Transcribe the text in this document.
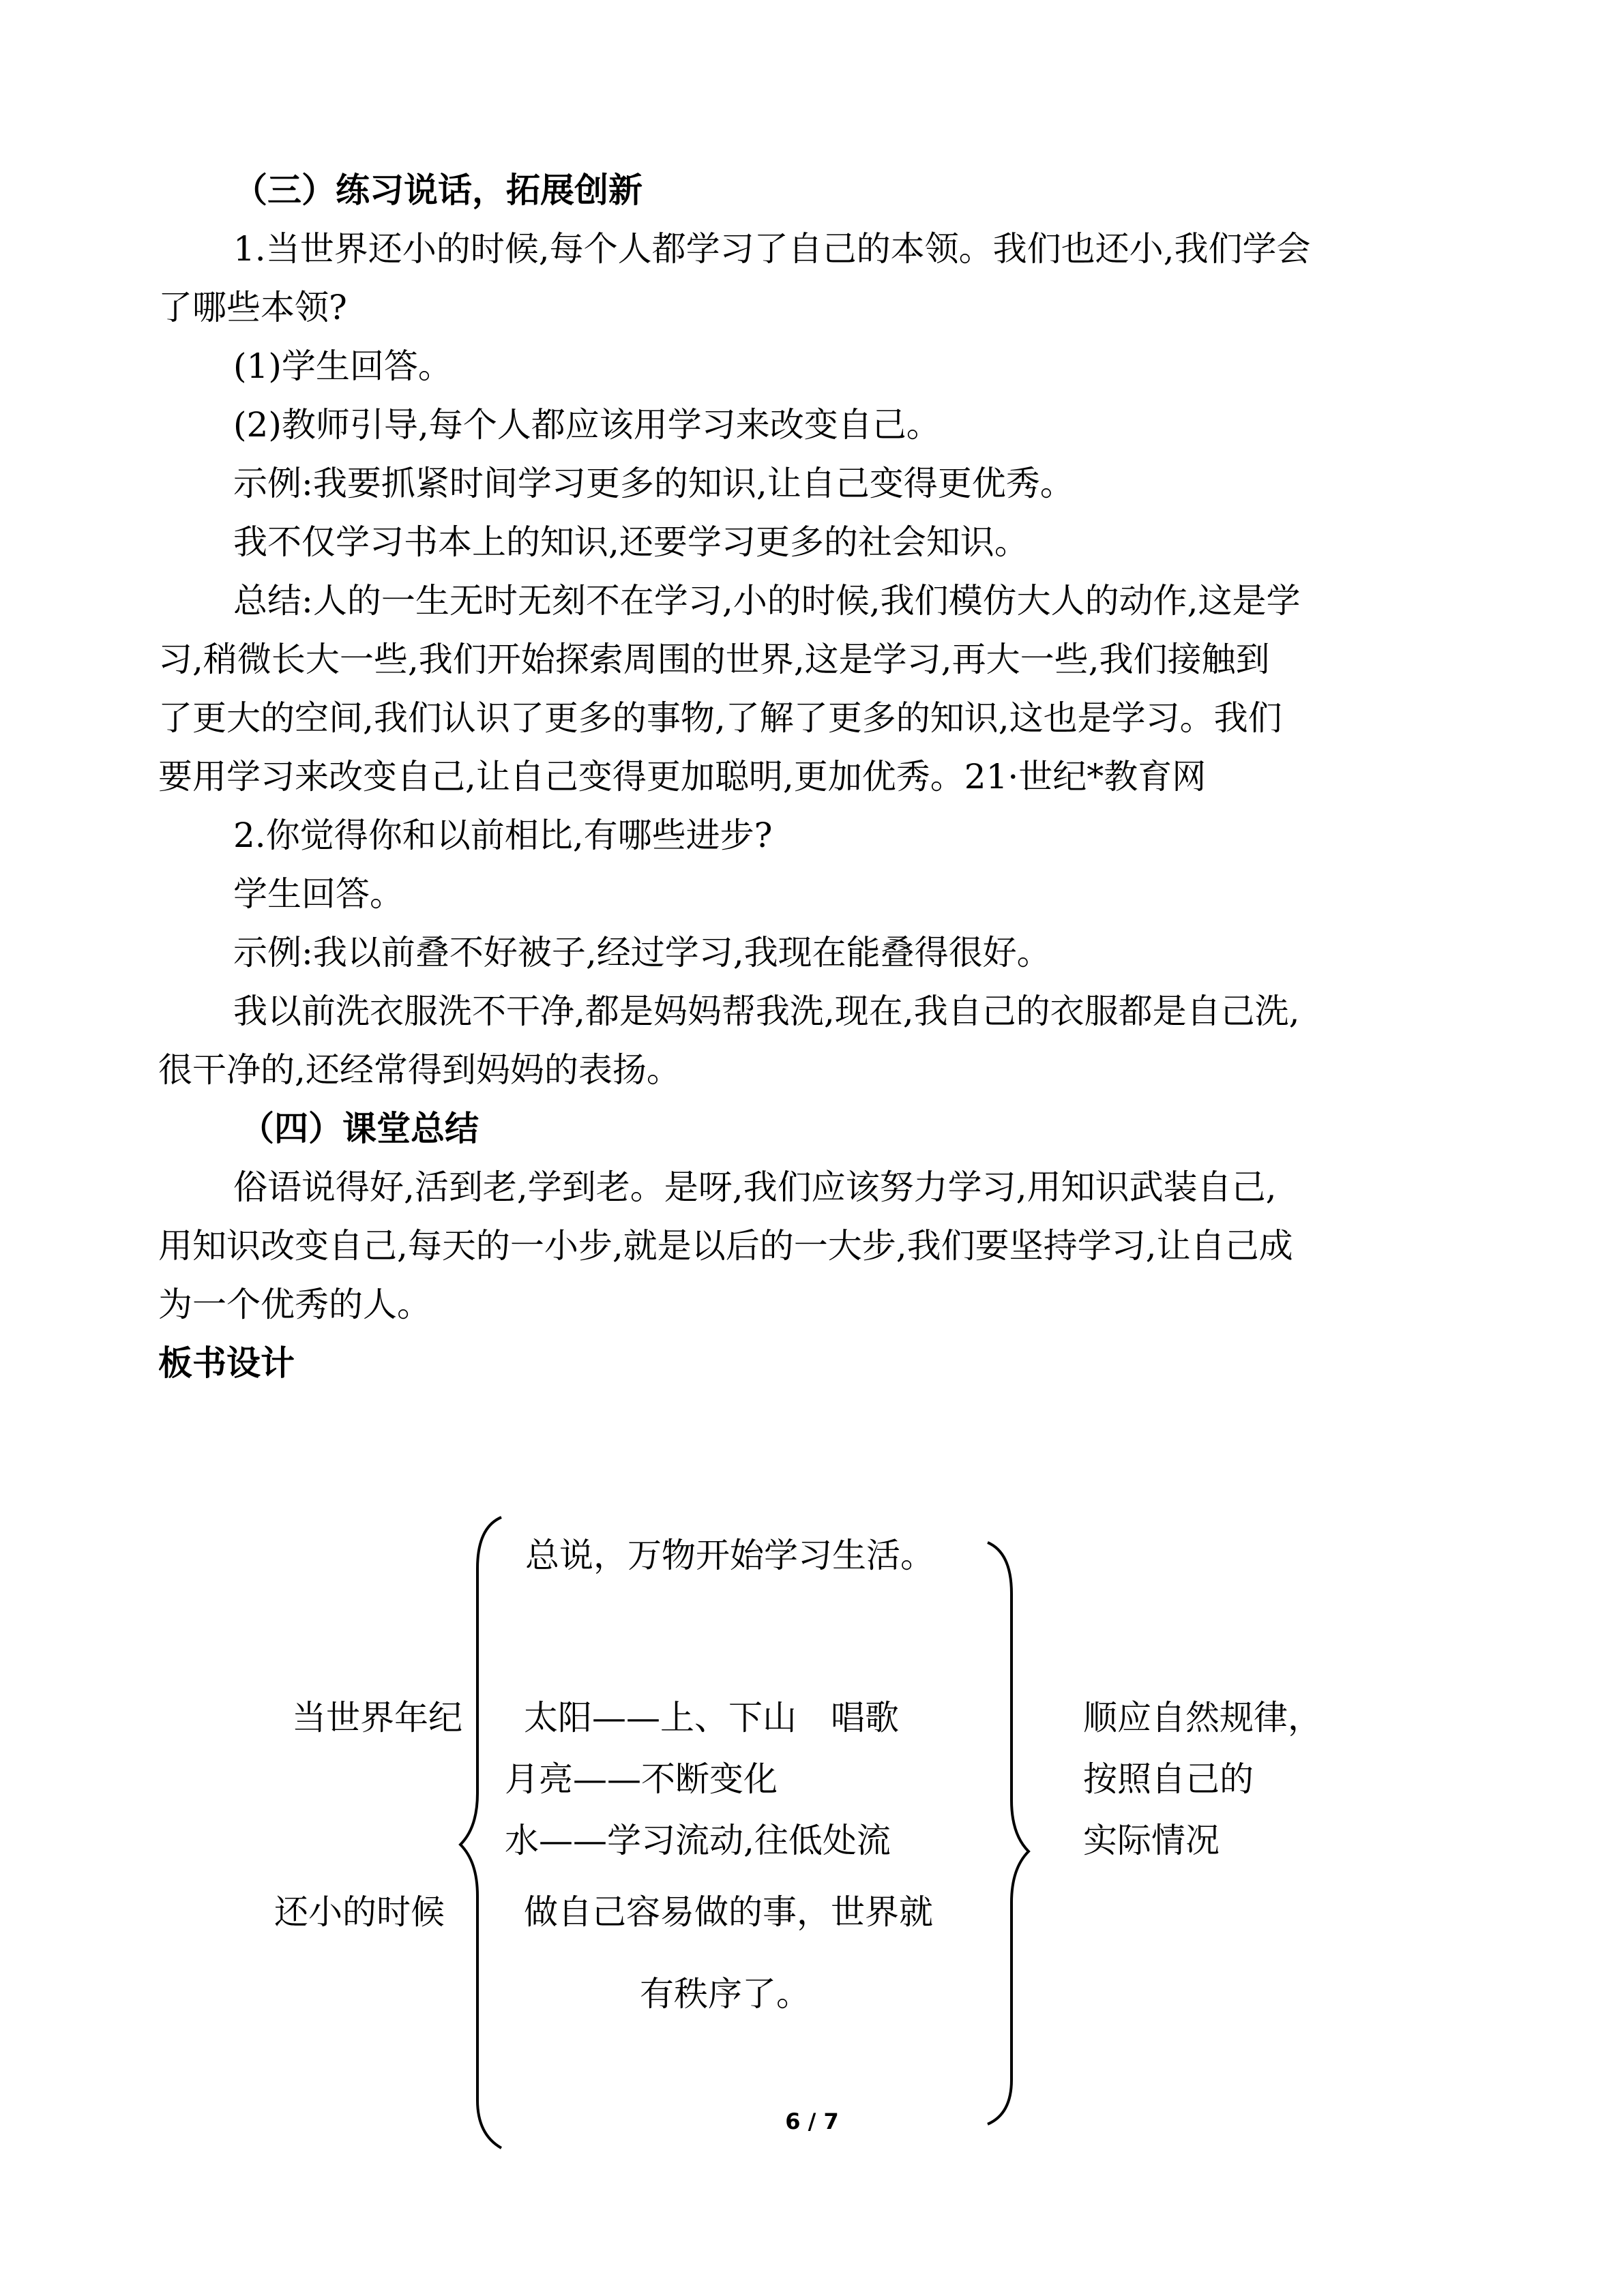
（三）练习说话，拓展创新
1.当世界还小的时候,每个人都学习了自己的本领。我们也还小,我们学会
了哪些本领?
(1)学生回答。
(2)教师引导,每个人都应该用学习来改变自己。
示例:我要抓紧时间学习更多的知识,让自己变得更优秀。
我不仅学习书本上的知识,还要学习更多的社会知识。
总结:人的一生无时无刻不在学习,小的时候,我们模仿大人的动作,这是学
习,稍微长大一些,我们开始探索周围的世界,这是学习,再大一些,我们接触到
了更大的空间,我们认识了更多的事物,了解了更多的知识,这也是学习。我们
要用学习来改变自己,让自己变得更加聪明,更加优秀。21·世纪*教育网
2.你觉得你和以前相比,有哪些进步?
学生回答。
示例:我以前叠不好被子,经过学习,我现在能叠得很好。
我以前洗衣服洗不干净,都是妈妈帮我洗,现在,我自己的衣服都是自己洗,
很干净的,还经常得到妈妈的表扬。
（四）课堂总结
俗语说得好,活到老,学到老。是呀,我们应该努力学习,用知识武装自己,
用知识改变自己,每天的一小步,就是以后的一大步,我们要坚持学习,让自己成
为一个优秀的人。
板书设计
当世界年纪
还小的时候
总说，万物开始学习生活。
太阳——上、下山　唱歌
月亮——不断变化
水——学习流动,往低处流
做自己容易做的事，世界就
有秩序了。
顺应自然规律，
按照自己的
实际情况
6 / 7
